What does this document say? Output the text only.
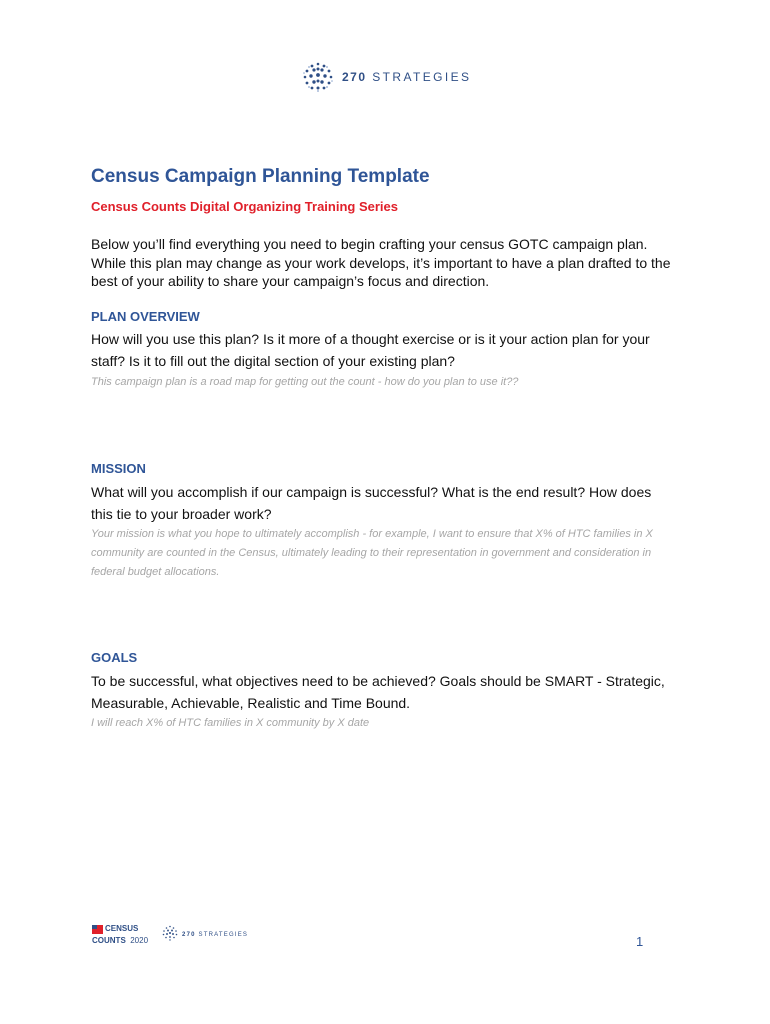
270 STRATEGIES
Census Campaign Planning Template
Census Counts Digital Organizing Training Series
Below you’ll find everything you need to begin crafting your census GOTC campaign plan. While this plan may change as your work develops, it’s important to have a plan drafted to the best of your ability to share your campaign’s focus and direction.
PLAN OVERVIEW
How will you use this plan? Is it more of a thought exercise or is it your action plan for your staff? Is it to fill out the digital section of your existing plan?
This campaign plan is a road map for getting out the count - how do you plan to use it??
MISSION
What will you accomplish if our campaign is successful? What is the end result? How does this tie to your broader work?
Your mission is what you hope to ultimately accomplish - for example, I want to ensure that X% of HTC families in X community are counted in the Census, ultimately leading to their representation in government and consideration in federal budget allocations.
GOALS
To be successful, what objectives need to be achieved? Goals should be SMART - Strategic, Measurable, Achievable, Realistic and Time Bound.
I will reach X% of HTC families in X community by X date
CENSUS
COUNTS 2020
270 STRATEGIES	1
